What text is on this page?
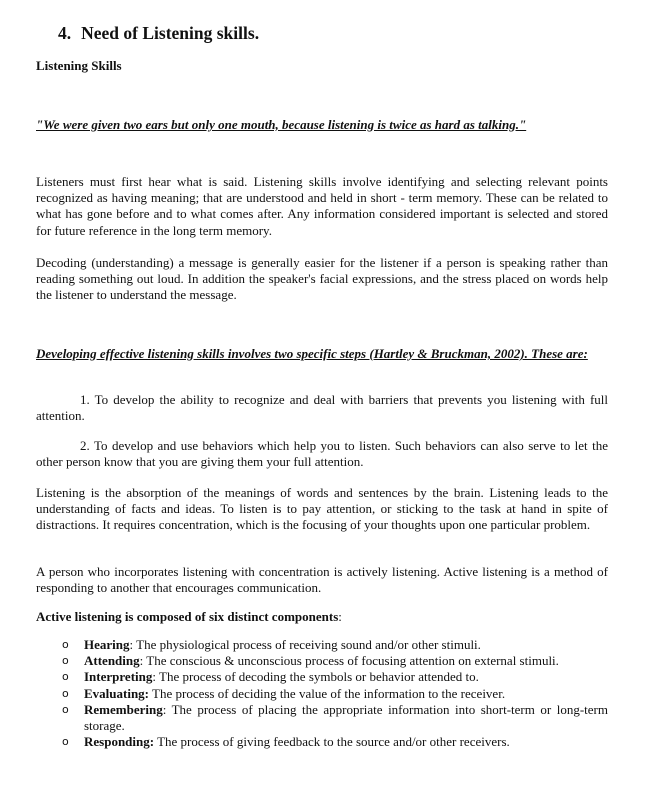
4. Need of Listening skills.
Listening Skills
"We were given two ears but only one mouth, because listening is twice as hard as talking."
Listeners must first hear what is said. Listening skills involve identifying and selecting relevant points recognized as having meaning; that are understood and held in short - term memory. These can be related to what has gone before and to what comes after. Any information considered important is selected and stored for future reference in the long term memory.
Decoding (understanding) a message is generally easier for the listener if a person is speaking rather than reading something out loud. In addition the speaker's facial expressions, and the stress placed on words help the listener to understand the message.
Developing effective listening skills involves two specific steps (Hartley & Bruckman, 2002). These are:
1. To develop the ability to recognize and deal with barriers that prevents you listening with full attention.
2. To develop and use behaviors which help you to listen. Such behaviors can also serve to let the other person know that you are giving them your full attention.
Listening is the absorption of the meanings of words and sentences by the brain. Listening leads to the understanding of facts and ideas. To listen is to pay attention, or sticking to the task at hand in spite of distractions. It requires concentration, which is the focusing of your thoughts upon one particular problem.
A person who incorporates listening with concentration is actively listening. Active listening is a method of responding to another that encourages communication.
Active listening is composed of six distinct components:
o Hearing: The physiological process of receiving sound and/or other stimuli.
o Attending: The conscious & unconscious process of focusing attention on external stimuli.
o Interpreting: The process of decoding the symbols or behavior attended to.
o Evaluating: The process of deciding the value of the information to the receiver.
o Remembering: The process of placing the appropriate information into short-term or long-term storage.
o Responding: The process of giving feedback to the source and/or other receivers.
